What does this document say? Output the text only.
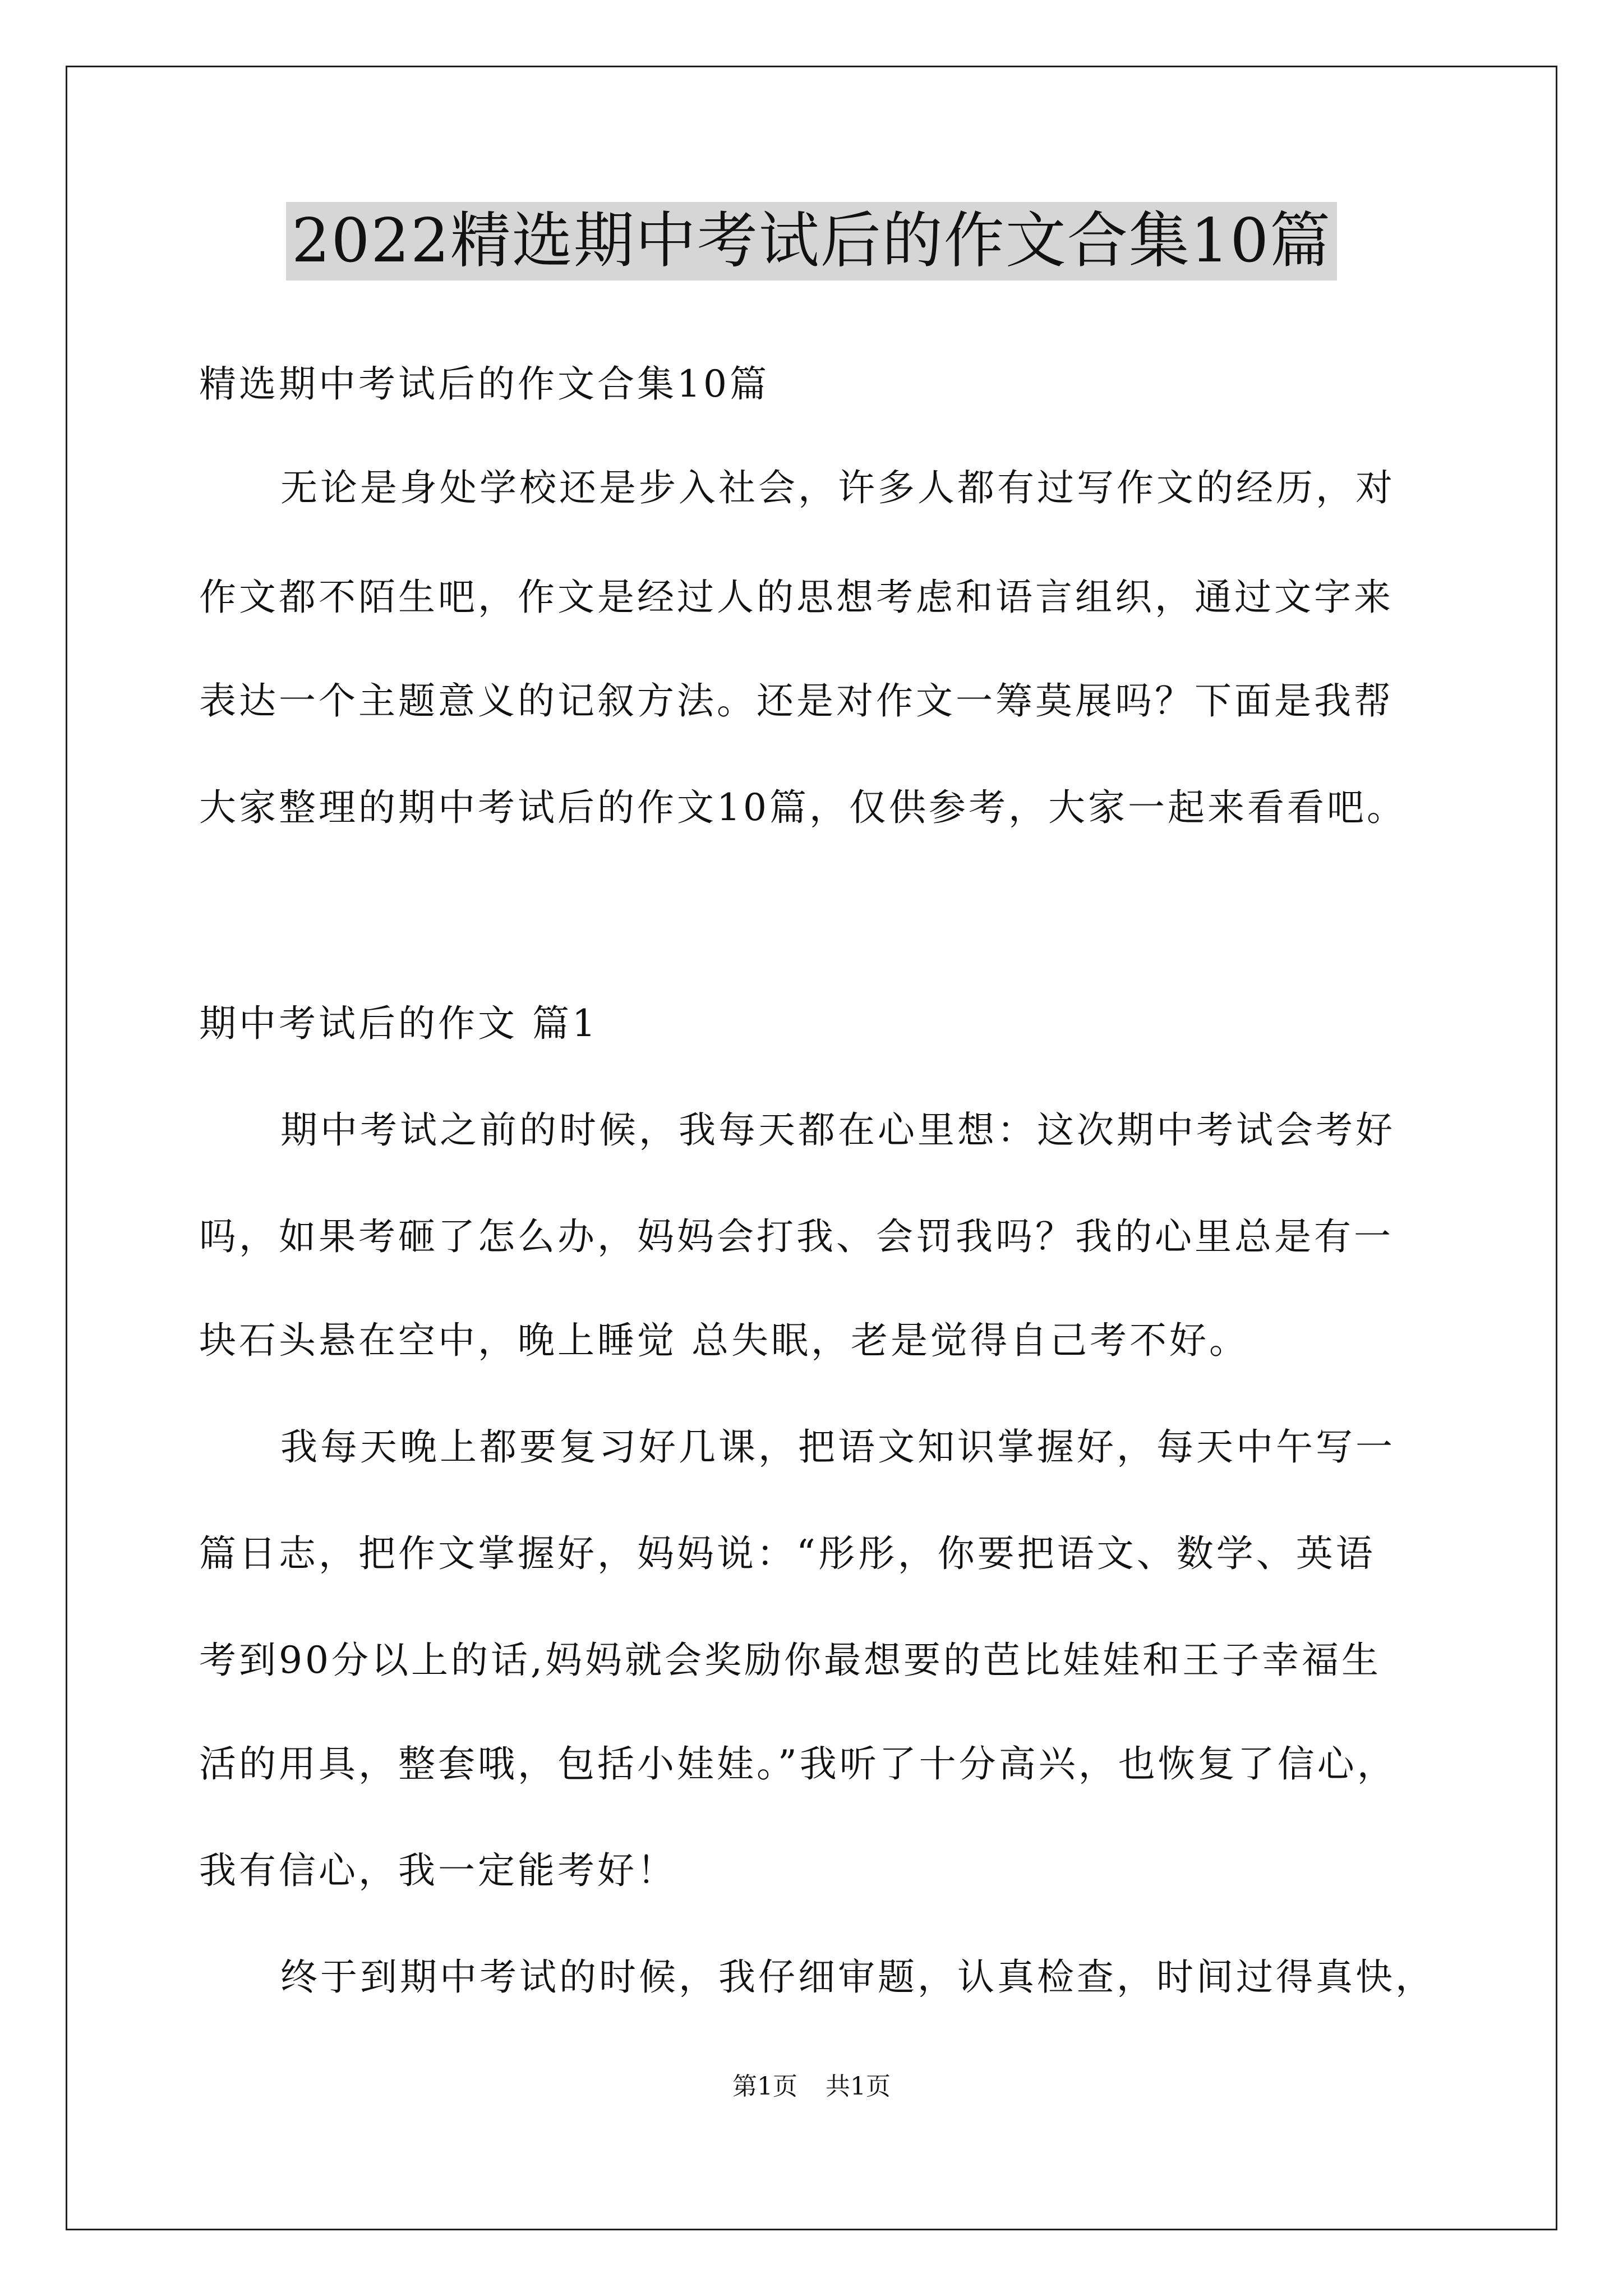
2022精选期中考试后的作文合集10篇
精选期中考试后的作文合集10篇
无论是身处学校还是步入社会，许多人都有过写作文的经历，对
作文都不陌生吧，作文是经过人的思想考虑和语言组织，通过文字来
表达一个主题意义的记叙方法。还是对作文一筹莫展吗？下面是我帮
大家整理的期中考试后的作文10篇，仅供参考，大家一起来看看吧。
期中考试后的作文 篇1
期中考试之前的时候，我每天都在心里想：这次期中考试会考好
吗，如果考砸了怎么办，妈妈会打我、会罚我吗？我的心里总是有一
块石头悬在空中，晚上睡觉 总失眠，老是觉得自己考不好。
我每天晚上都要复习好几课，把语文知识掌握好，每天中午写一
篇日志，把作文掌握好，妈妈说：“彤彤，你要把语文、数学、英语
考到90分以上的话,妈妈就会奖励你最想要的芭比娃娃和王子幸福生
活的用具，整套哦，包括小娃娃。”我听了十分高兴，也恢复了信心，
我有信心，我一定能考好！
终于到期中考试的时候，我仔细审题，认真检查，时间过得真快，
第1页 共1页
